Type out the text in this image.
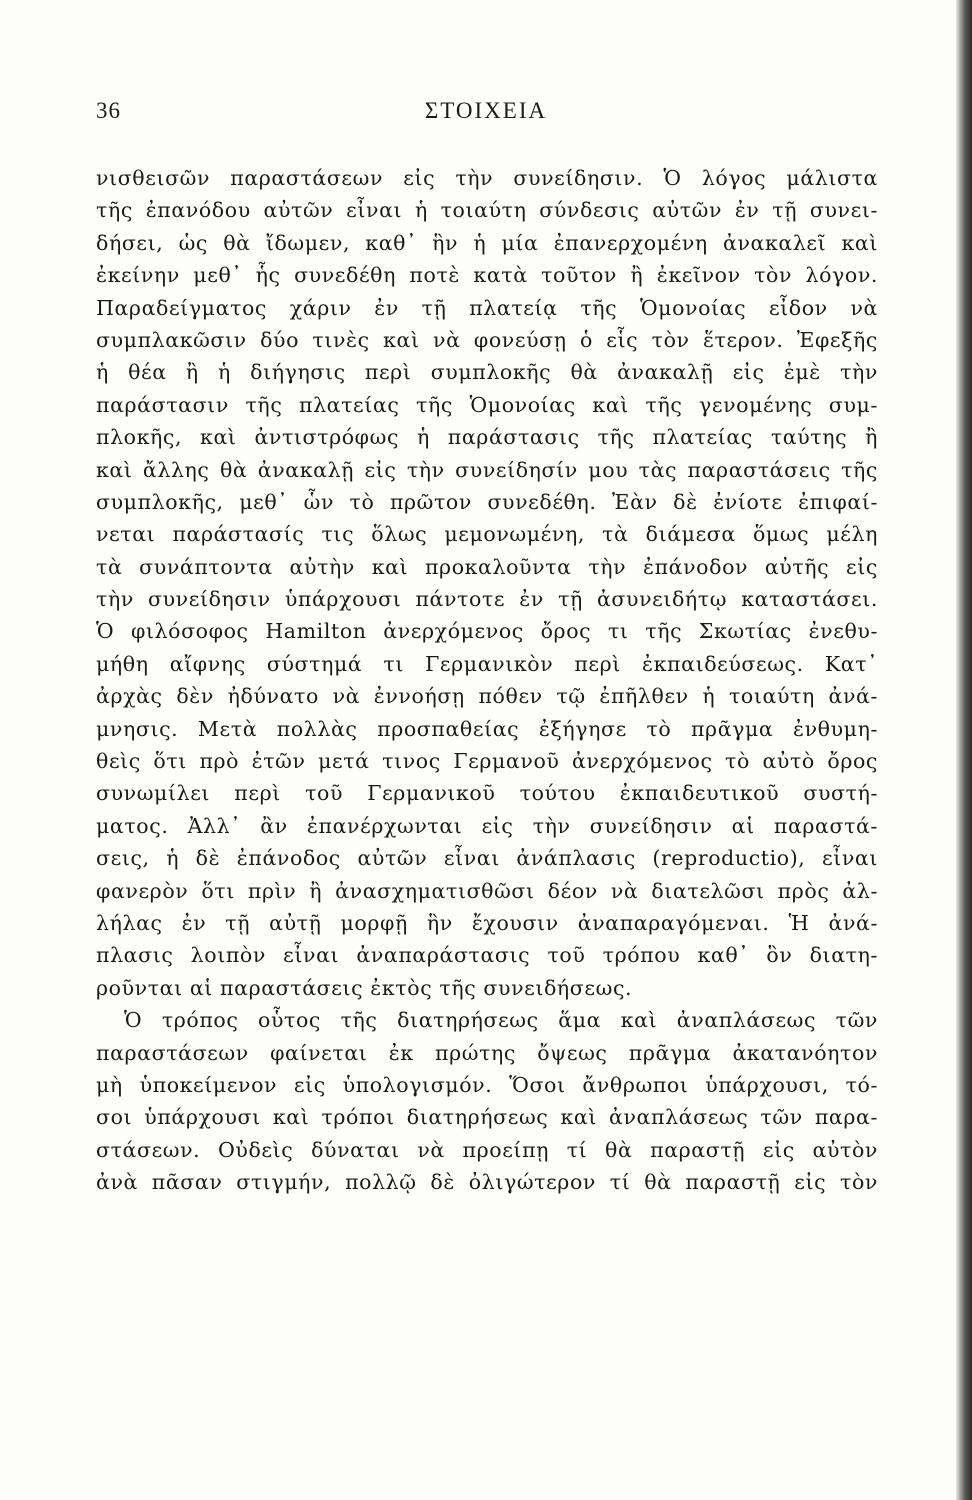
36	ΣΤΟΙΧΕΙΑ
νισθεισῶν παραστάσεων εἰς τὴν συνείδησιν. Ὁ λόγος μάλιστα
τῆς ἐπανόδου αὐτῶν εἶναι ἡ τοιαύτη σύνδεσις αὐτῶν ἐν τῇ συνει-
δήσει, ὡς θὰ ἴδωμεν, καθ᾽ ἣν ἡ μία ἐπανερχομένη ἀνακαλεῖ καὶ
ἐκείνην μεθ᾽ ἧς συνεδέθη ποτὲ κατὰ τοῦτον ἢ ἐκεῖνον τὸν λόγον.
Παραδείγματος χάριν ἐν τῇ πλατείᾳ τῆς Ὁμονοίας εἶδον νὰ
συμπλακῶσιν δύο τινὲς καὶ νὰ φονεύσῃ ὁ εἷς τὸν ἕτερον. Ἐφεξῆς
ἡ θέα ἢ ἡ διήγησις περὶ συμπλοκῆς θὰ ἀνακαλῇ εἰς ἐμὲ τὴν
παράστασιν τῆς πλατείας τῆς Ὁμονοίας καὶ τῆς γενομένης συμ-
πλοκῆς, καὶ ἀντιστρόφως ἡ παράστασις τῆς πλατείας ταύτης ἢ
καὶ ἄλλης θὰ ἀνακαλῇ εἰς τὴν συνείδησίν μου τὰς παραστάσεις τῆς
συμπλοκῆς, μεθ᾽ ὧν τὸ πρῶτον συνεδέθη. Ἐὰν δὲ ἐνίοτε ἐπιφαί-
νεται παράστασίς τις ὅλως μεμονωμένη, τὰ διάμεσα ὅμως μέλη
τὰ συνάπτοντα αὐτὴν καὶ προκαλοῦντα τὴν ἐπάνοδον αὐτῆς εἰς
τὴν συνείδησιν ὑπάρχουσι πάντοτε ἐν τῇ ἀσυνειδήτῳ καταστάσει.
Ὁ φιλόσοφος Hamilton ἀνερχόμενος ὄρος τι τῆς Σκωτίας ἐνεθυ-
μήθη αἴφνης σύστημά τι Γερμανικὸν περὶ ἐκπαιδεύσεως. Κατ᾽
ἀρχὰς δὲν ἠδύνατο νὰ ἐννοήσῃ πόθεν τῷ ἐπῆλθεν ἡ τοιαύτη ἀνά-
μνησις. Μετὰ πολλὰς προσπαθείας ἐξήγησε τὸ πρᾶγμα ἐνθυμη-
θεὶς ὅτι πρὸ ἐτῶν μετά τινος Γερμανοῦ ἀνερχόμενος τὸ αὐτὸ ὄρος
συνωμίλει περὶ τοῦ Γερμανικοῦ τούτου ἐκπαιδευτικοῦ συστή-
ματος. Ἀλλ᾽ ἂν ἐπανέρχωνται εἰς τὴν συνείδησιν αἱ παραστά-
σεις, ἡ δὲ ἐπάνοδος αὐτῶν εἶναι ἀνάπλασις (reproductio), εἶναι
φανερὸν ὅτι πρὶν ἢ ἀνασχηματισθῶσι δέον νὰ διατελῶσι πρὸς ἀλ-
λήλας ἐν τῇ αὐτῇ μορφῇ ἣν ἔχουσιν ἀναπαραγόμεναι. Ἡ ἀνά-
πλασις λοιπὸν εἶναι ἀναπαράστασις τοῦ τρόπου καθ᾽ ὃν διατη-
ροῦνται αἱ παραστάσεις ἐκτὸς τῆς συνειδήσεως.
Ὁ τρόπος οὗτος τῆς διατηρήσεως ἅμα καὶ ἀναπλάσεως τῶν
παραστάσεων φαίνεται ἐκ πρώτης ὄψεως πρᾶγμα ἀκατανόητον
μὴ ὑποκείμενον εἰς ὑπολογισμόν. Ὅσοι ἄνθρωποι ὑπάρχουσι, τό-
σοι ὑπάρχουσι καὶ τρόποι διατηρήσεως καὶ ἀναπλάσεως τῶν παρα-
στάσεων. Οὐδεὶς δύναται νὰ προείπῃ τί θὰ παραστῇ εἰς αὐτὸν
ἀνὰ πᾶσαν στιγμήν, πολλῷ δὲ ὀλιγώτερον τί θὰ παραστῇ εἰς τὸν
